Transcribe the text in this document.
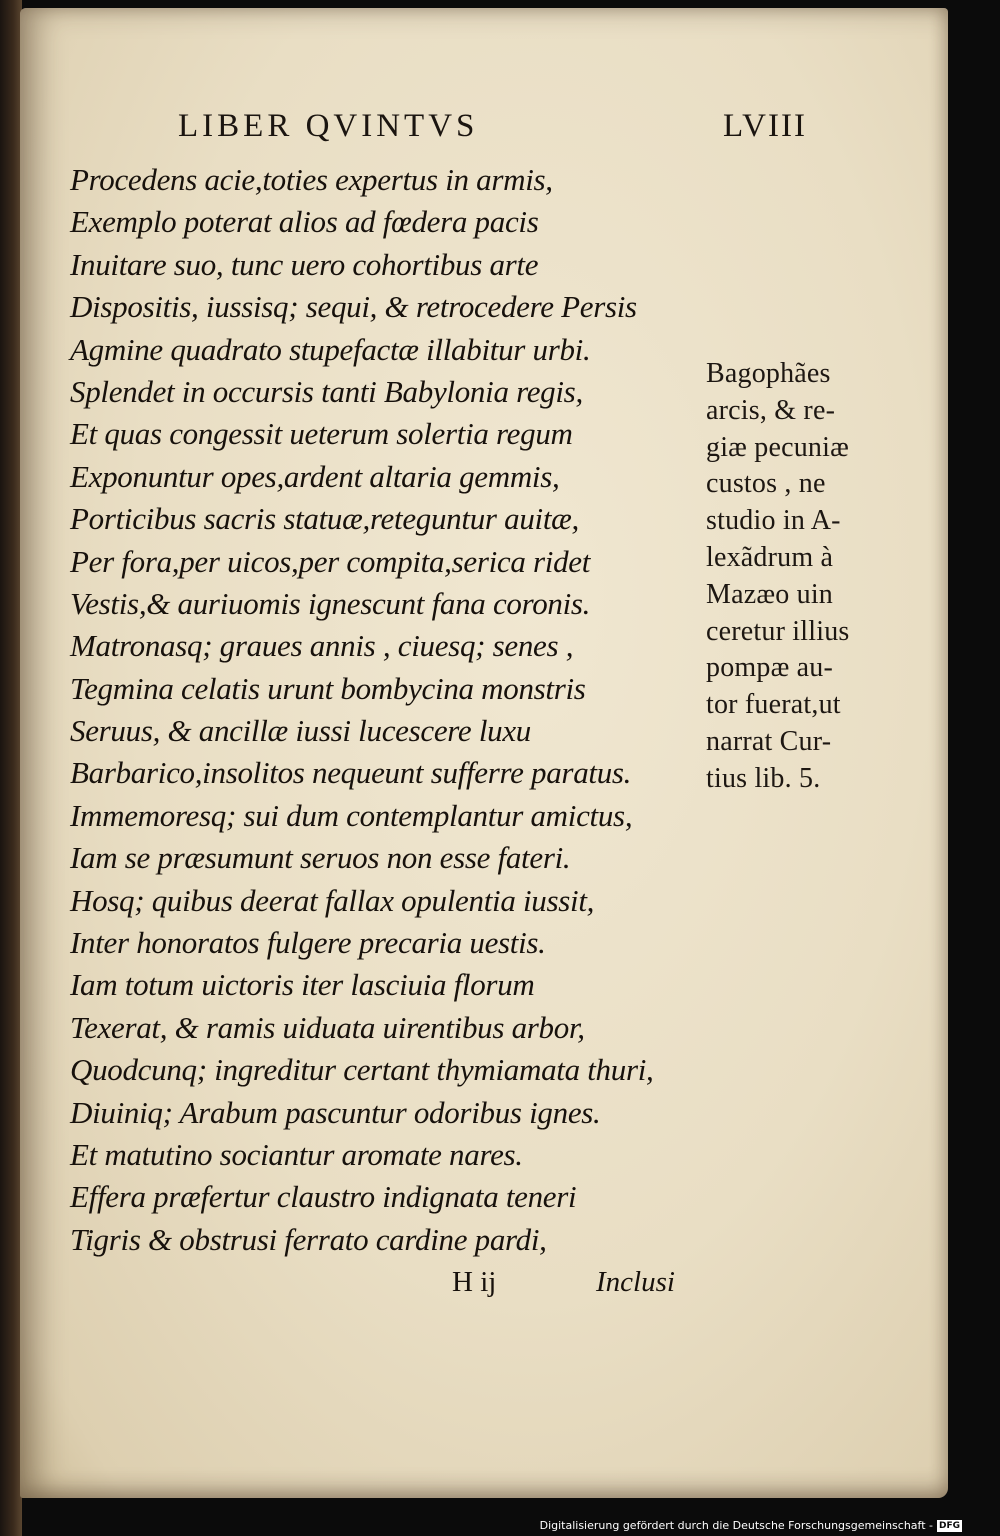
LIBER QVINTVS	LVIII
Procedens acie,toties expertus in armis,
Exemplo poterat alios ad fœdera pacis
Inuitare suo, tunc uero cohortibus arte
Dispositis, iussisq; sequi, & retrocedere Persis
Agmine quadrato stupefactæ illabitur urbi.
Splendet in occursis tanti Babylonia regis,
Et quas congessit ueterum solertia regum
Exponuntur opes,ardent altaria gemmis,
Porticibus sacris statuæ,reteguntur auitæ,
Per fora,per uicos,per compita,serica ridet
Vestis,& auriuomis ignescunt fana coronis.
Matronasq; graues annis , ciuesq; senes ,
Tegmina celatis urunt bombycina monstris
Seruus, & ancillæ iussi lucescere luxu
Barbarico,insolitos nequeunt sufferre paratus.
Immemoresq; sui dum contemplantur amictus,
Iam se præsumunt seruos non esse fateri.
Hosq; quibus deerat fallax opulentia iussit,
Inter honoratos fulgere precaria uestis.
Iam totum uictoris iter lasciuia florum
Texerat, & ramis uiduata uirentibus arbor,
Quodcunq; ingreditur certant thymiamata thuri,
Diuiniq; Arabum pascuntur odoribus ignes.
Et matutino sociantur aromate nares.
Effera præfertur claustro indignata teneri
Tigris & obstrusi ferrato cardine pardi,
Bagophães
arcis, & re-
giæ pecuniæ
custos , ne
studio in A-
lexãdrum à
Mazæo uin
ceretur illius
pompæ au-
tor fuerat,ut
narrat Cur-
tius lib. 5.
H ij	Inclusi
Digitalisierung gefördert durch die Deutsche Forschungsgemeinschaft - DFG
